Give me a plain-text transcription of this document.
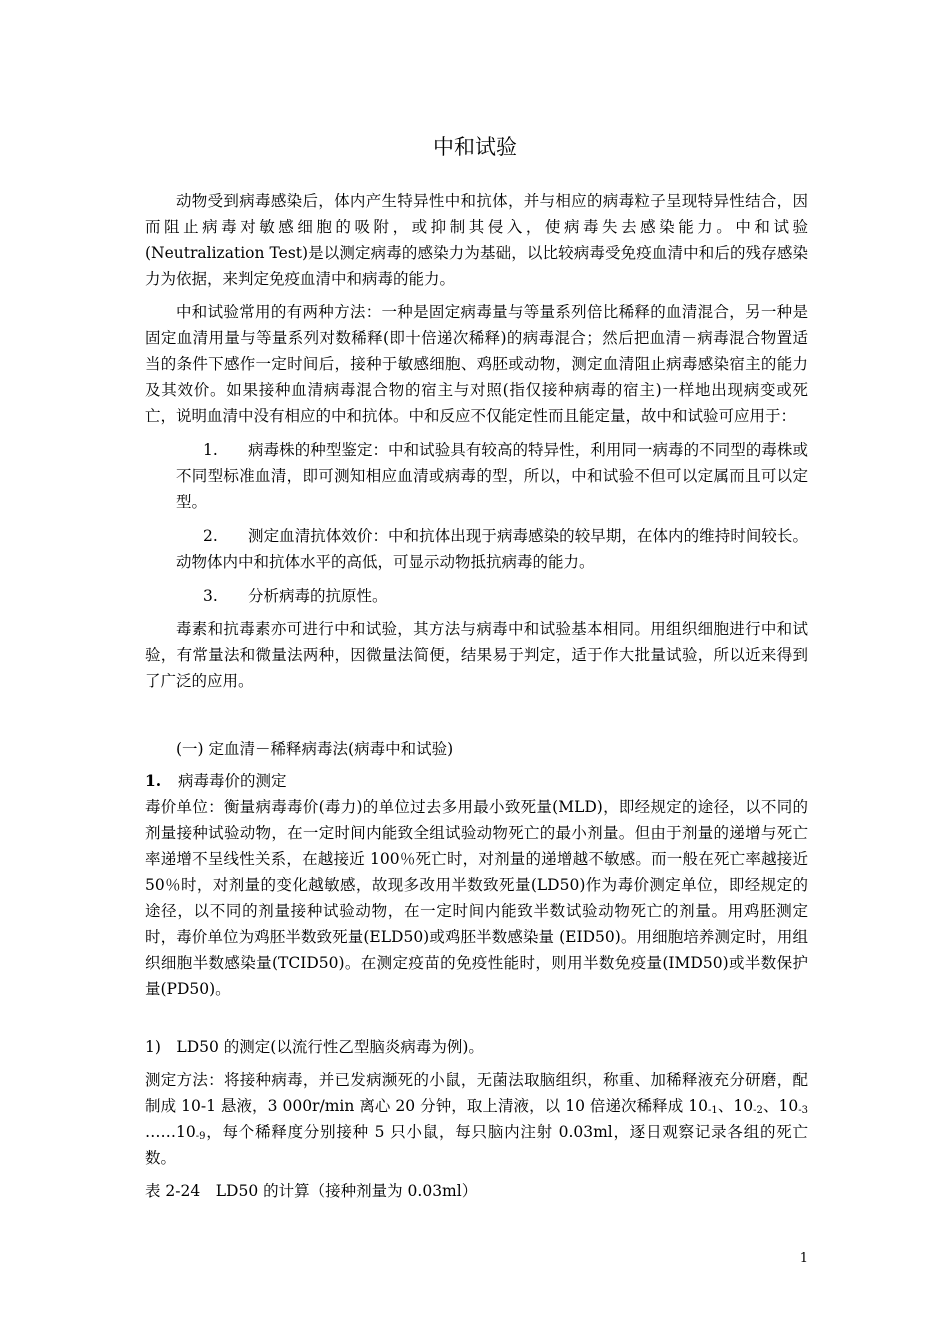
中和试验

动物受到病毒感染后，体内产生特异性中和抗体，并与相应的病毒粒子呈现特异性结合，因而阻止病毒对敏感细胞的吸附，或抑制其侵入，使病毒失去感染能力。中和试验 (Neutralization Test)是以测定病毒的感染力为基础，以比较病毒受免疫血清中和后的残存感染力为依据，来判定免疫血清中和病毒的能力。

中和试验常用的有两种方法：一种是固定病毒量与等量系列倍比稀释的血清混合，另一种是固定血清用量与等量系列对数稀释(即十倍递次稀释)的病毒混合；然后把血清－病毒混合物置适当的条件下感作一定时间后，接种于敏感细胞、鸡胚或动物，测定血清阻止病毒感染宿主的能力及其效价。如果接种血清病毒混合物的宿主与对照(指仅接种病毒的宿主)一样地出现病变或死亡，说明血清中没有相应的中和抗体。中和反应不仅能定性而且能定量，故中和试验可应用于：

1. 病毒株的种型鉴定：中和试验具有较高的特异性，利用同一病毒的不同型的毒株或不同型标准血清，即可测知相应血清或病毒的型，所以，中和试验不但可以定属而且可以定型。
2. 测定血清抗体效价：中和抗体出现于病毒感染的较早期，在体内的维持时间较长。动物体内中和抗体水平的高低，可显示动物抵抗病毒的能力。
3. 分析病毒的抗原性。

毒素和抗毒素亦可进行中和试验，其方法与病毒中和试验基本相同。用组织细胞进行中和试验，有常量法和微量法两种，因微量法简便，结果易于判定，适于作大批量试验，所以近来得到了广泛的应用。

(一) 定血清－稀释病毒法(病毒中和试验)

1. 病毒毒价的测定

毒价单位：衡量病毒毒价(毒力)的单位过去多用最小致死量(MLD)，即经规定的途径，以不同的剂量接种试验动物，在一定时间内能致全组试验动物死亡的最小剂量。但由于剂量的递增与死亡率递增不呈线性关系，在越接近 100％死亡时，对剂量的递增越不敏感。而一般在死亡率越接近 50％时，对剂量的变化越敏感，故现多改用半数致死量(LD50)作为毒价测定单位，即经规定的途径，以不同的剂量接种试验动物，在一定时间内能致半数试验动物死亡的剂量。用鸡胚测定时，毒价单位为鸡胚半数致死量(ELD50)或鸡胚半数感染量 (EID50)。用细胞培养测定时，用组织细胞半数感染量(TCID50)。在测定疫苗的免疫性能时，则用半数免疫量(IMD50)或半数保护量(PD50)。

1)　LD50 的测定(以流行性乙型脑炎病毒为例)。

测定方法：将接种病毒，并已发病濒死的小鼠，无菌法取脑组织，称重、加稀释液充分研磨，配制成 10-1 悬液，3 000r/min 离心 20 分钟，取上清液，以 10 倍递次稀释成 $10_{-1}$、$10_{-2}$、$10_{-3}$ $\dots\dots 10_{-9}$，每个稀释度分别接种 5 只小鼠，每只脑内注射 0.03ml，逐日观察记录各组的死亡数。

表 2-24　LD50 的计算（接种剂量为 0.03ml）

1
